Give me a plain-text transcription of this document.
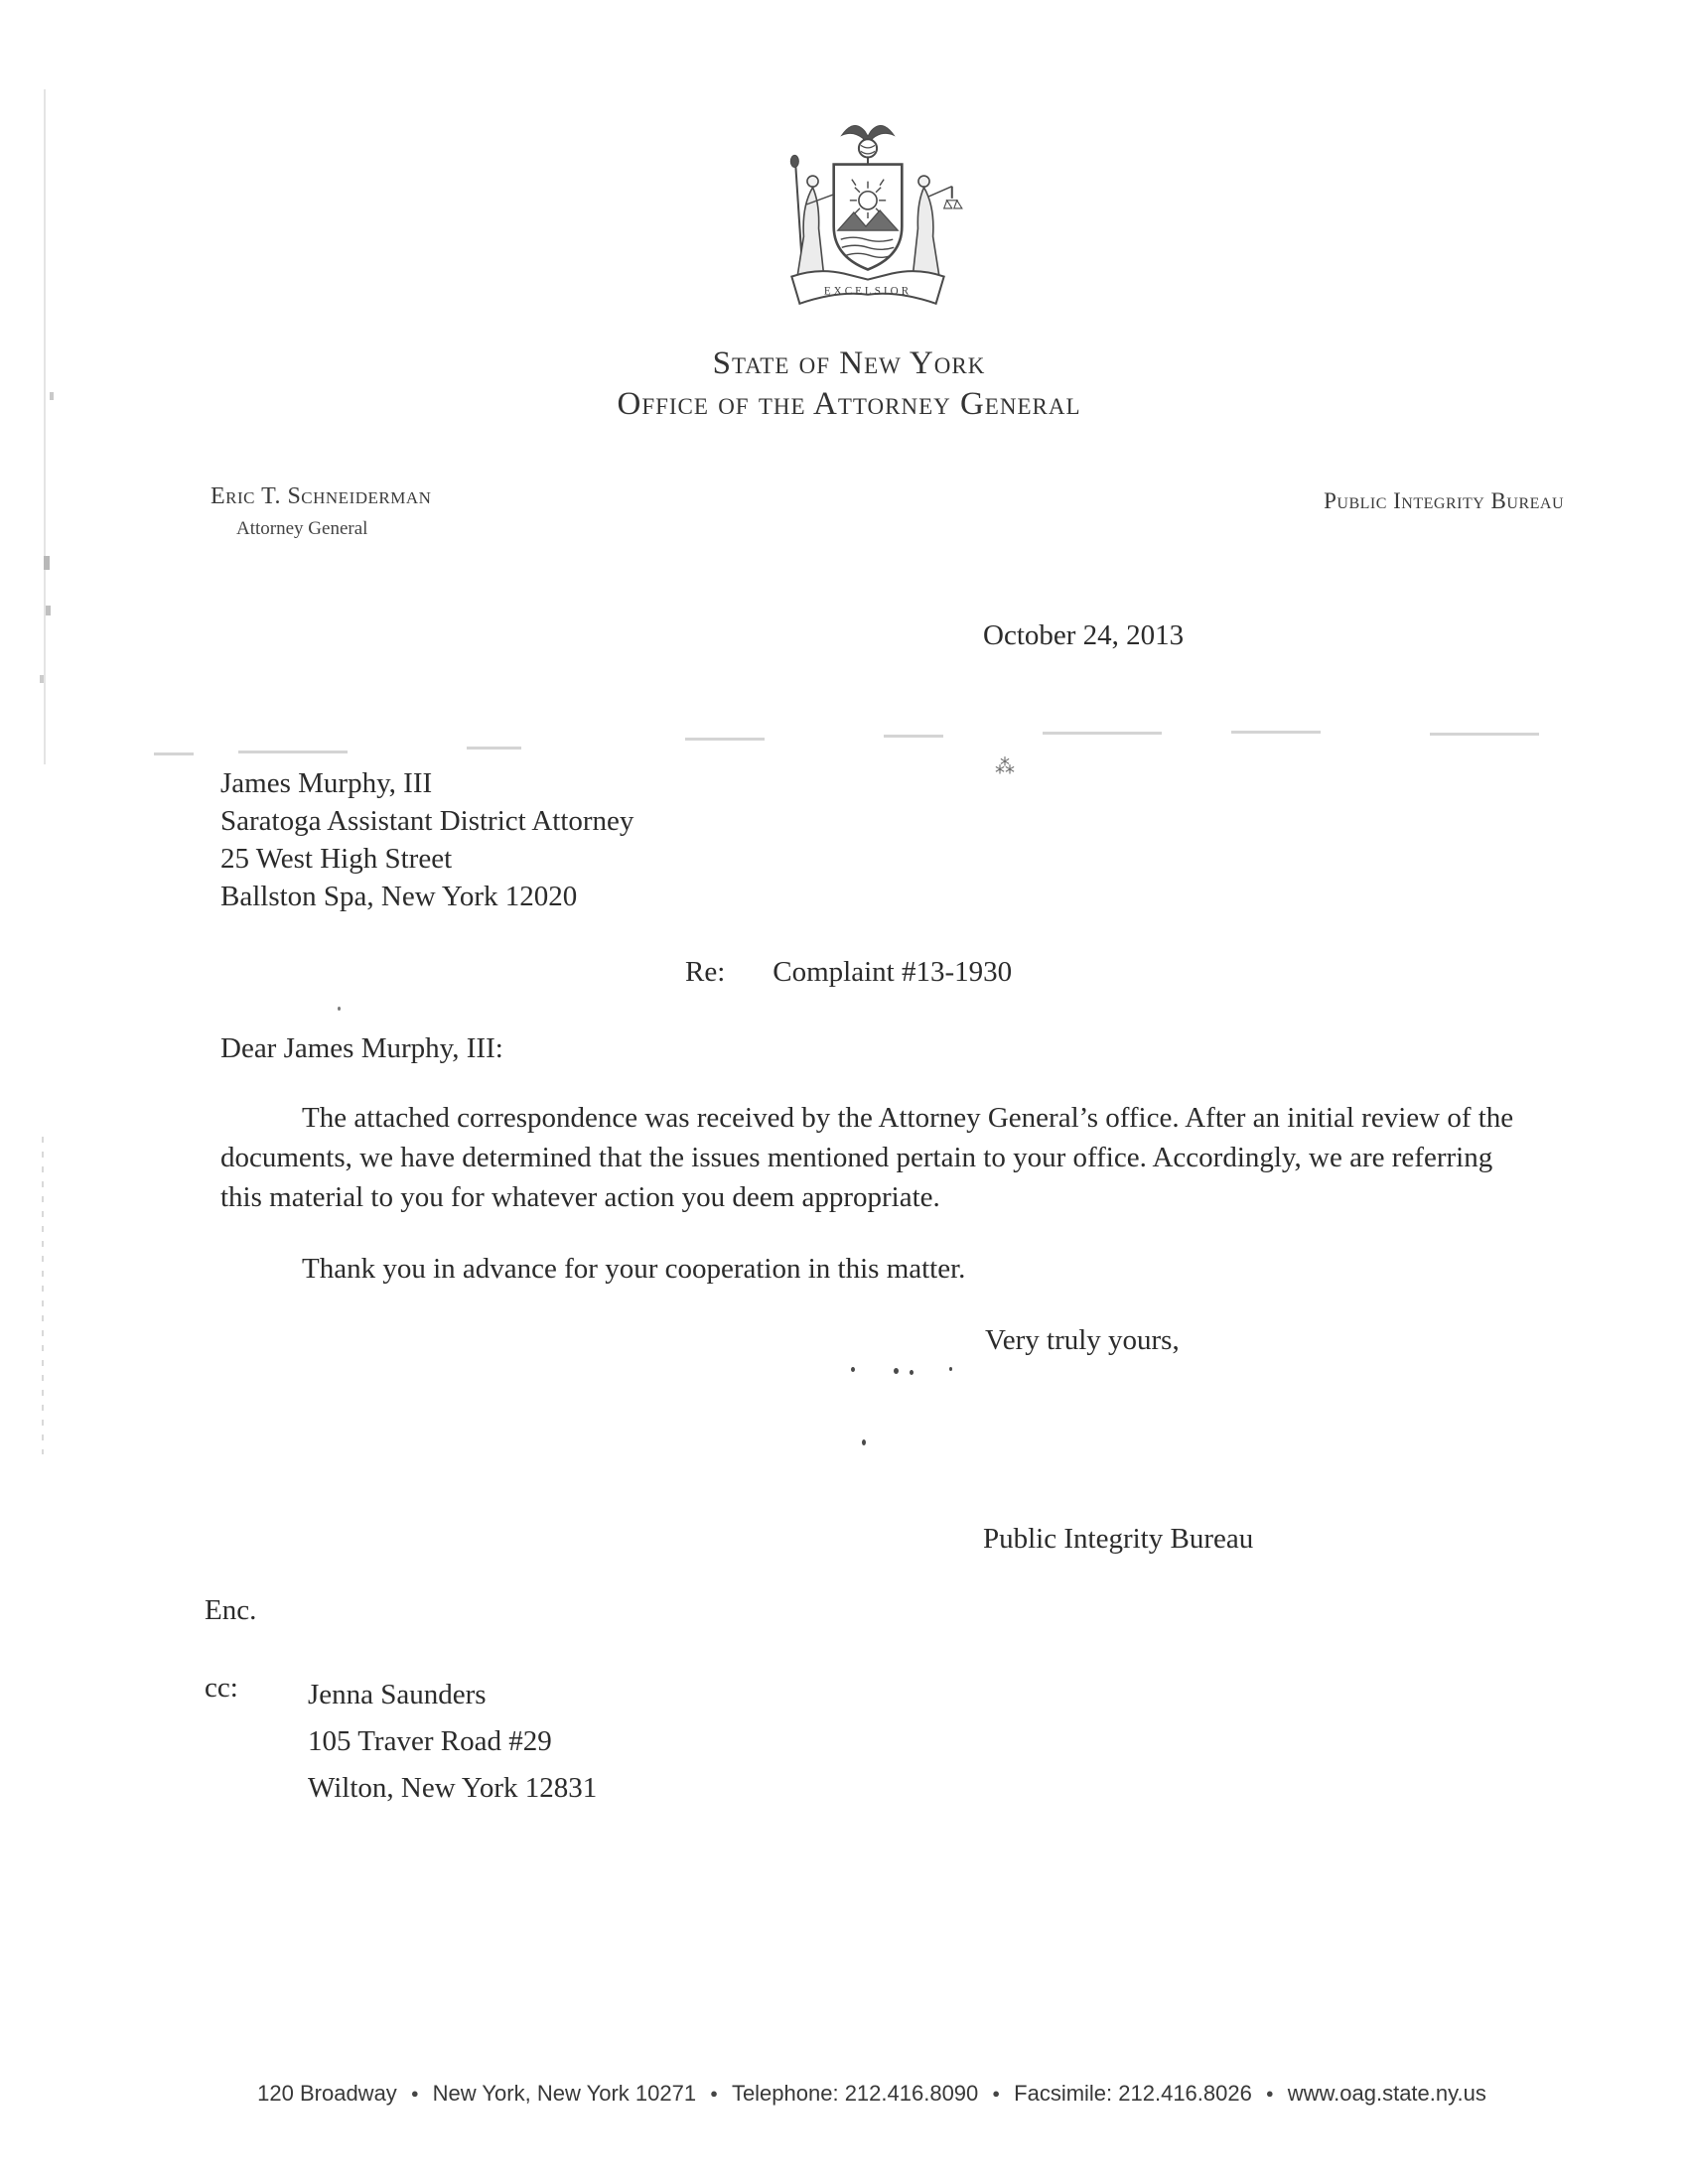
⁂
EXCELSIOR
State of New York
Office of the Attorney General
Eric T. Schneiderman
Attorney General
Public Integrity Bureau
October 24, 2013
James Murphy, III
Saratoga Assistant District Attorney
25 West High Street
Ballston Spa, New York 12020
Re: Complaint #13-1930
Dear James Murphy, III:
The attached correspondence was received by the Attorney General’s office. After an initial review of the documents, we have determined that the issues mentioned pertain to your office. Accordingly, we are referring this material to you for whatever action you deem appropriate.
Thank you in advance for your cooperation in this matter.
Very truly yours,
Public Integrity Bureau
Enc.
cc: Jenna Saunders
105 Traver Road #29
Wilton, New York 12831
120 Broadway ● New York, New York 10271 ● Telephone: 212.416.8090 ● Facsimile: 212.416.8026 ● www.oag.state.ny.us
